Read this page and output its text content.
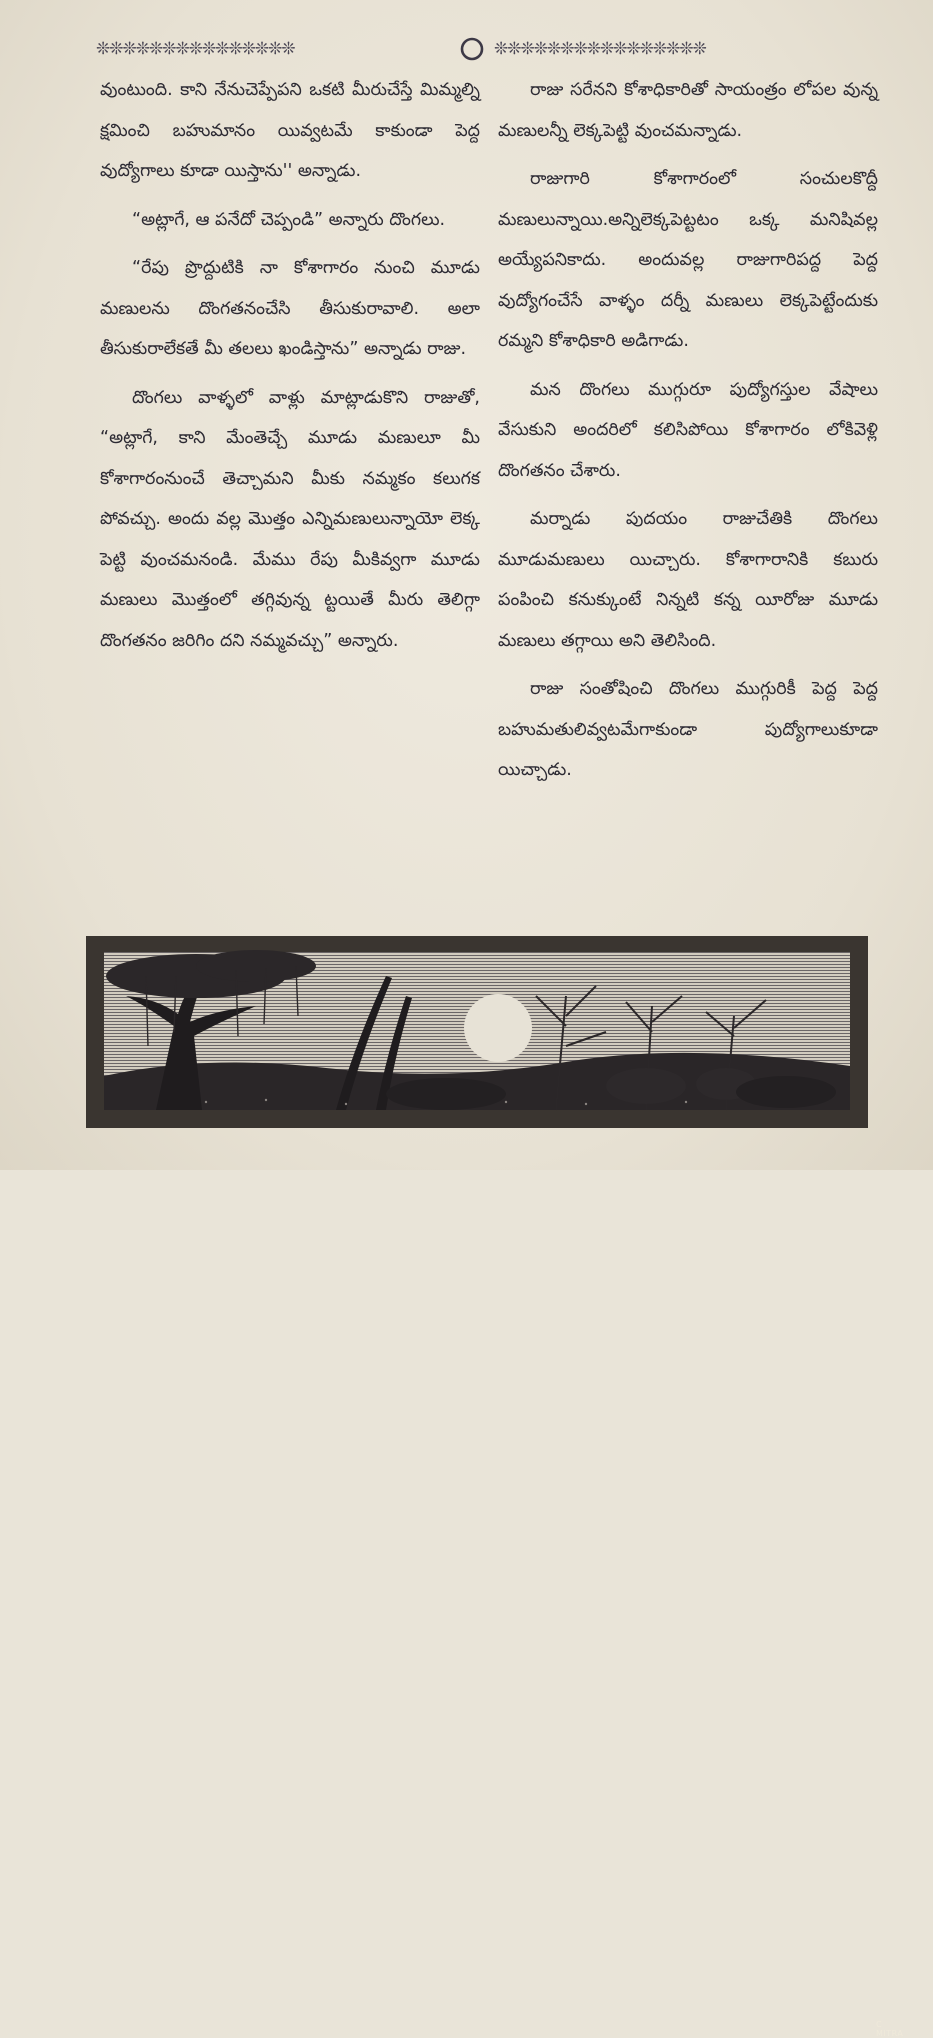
❊❊❊❊❊❊❊❊❊❊❊❊❊❊❊	❊❊❊❊❊❊❊❊❊❊❊❊❊❊❊❊

వుంటుంది. కాని నేనుచెప్పేపని ఒకటి మీరుచేస్తే మిమ్మల్ని క్షమించి బహుమానం యివ్వటమే కాకుండా పెద్ద వుద్యోగాలు కూడా యిస్తాను'' అన్నాడు.

“అట్లాగే, ఆ పనేదో చెప్పండి” అన్నారు దొంగలు.

“రేపు ప్రొద్దుటికి నా కోశాగారం నుంచి మూడు మణులను దొంగతనంచేసి తీసుకురావాలి. అలా తీసుకురాలేకతే మీ తలలు ఖండిస్తాను” అన్నాడు రాజు.

దొంగలు వాళ్ళలో వాళ్లు మాట్లాడుకొని రాజుతో, “అట్లాగే, కాని మేంతెచ్చే మూడు మణులూ మీ కోశాగారంనుంచే తెచ్చామని మీకు నమ్మకం కలుగక పోవచ్చు. అందు వల్ల మొత్తం ఎన్నిమణులున్నాయో లెక్క పెట్టి వుంచమనండి. మేము రేపు మీకివ్వగా మూడు మణులు మొత్తంలో తగ్గివున్న ట్టయితే మీరు తెలిగ్గా దొంగతనం జరిగిం దని నమ్మవచ్చు” అన్నారు.

రాజు సరేనని కోశాధికారితో సాయంత్రం లోపల వున్న మణులన్నీ లెక్కపెట్టి వుంచమన్నాడు.

రాజుగారి కోశాగారంలో సంచులకొద్దీ మణులున్నాయి.అన్నిలెక్కపెట్టటం ఒక్క మనిషివల్ల అయ్యేపనికాదు. అందువల్ల రాజుగారిపద్ద పెద్ద వుద్యోగంచేసే వాళ్ళం దర్నీ మణులు లెక్కపెట్టేందుకు రమ్మని కోశాధికారి అడిగాడు.

మన దొంగలు ముగ్గురూ పుద్యోగస్తుల వేషాలు వేసుకుని అందరిలో కలిసిపోయి కోశాగారం లోకివెళ్లి దొంగతనం చేశారు.

మర్నాడు పుదయం రాజుచేతికి దొంగలు మూడుమణులు యిచ్చారు. కోశాగారానికి కబురు పంపించి కనుక్కుంటే నిన్నటి కన్న యీరోజు మూడు మణులు తగ్గాయి అని తెలిసింది.

రాజు సంతోషించి దొంగలు ముగ్గురికీ పెద్ద పెద్ద బహుమతులివ్వటమేగాకుండా పుద్యోగాలుకూడా యిచ్చాడు.

C MITRA
